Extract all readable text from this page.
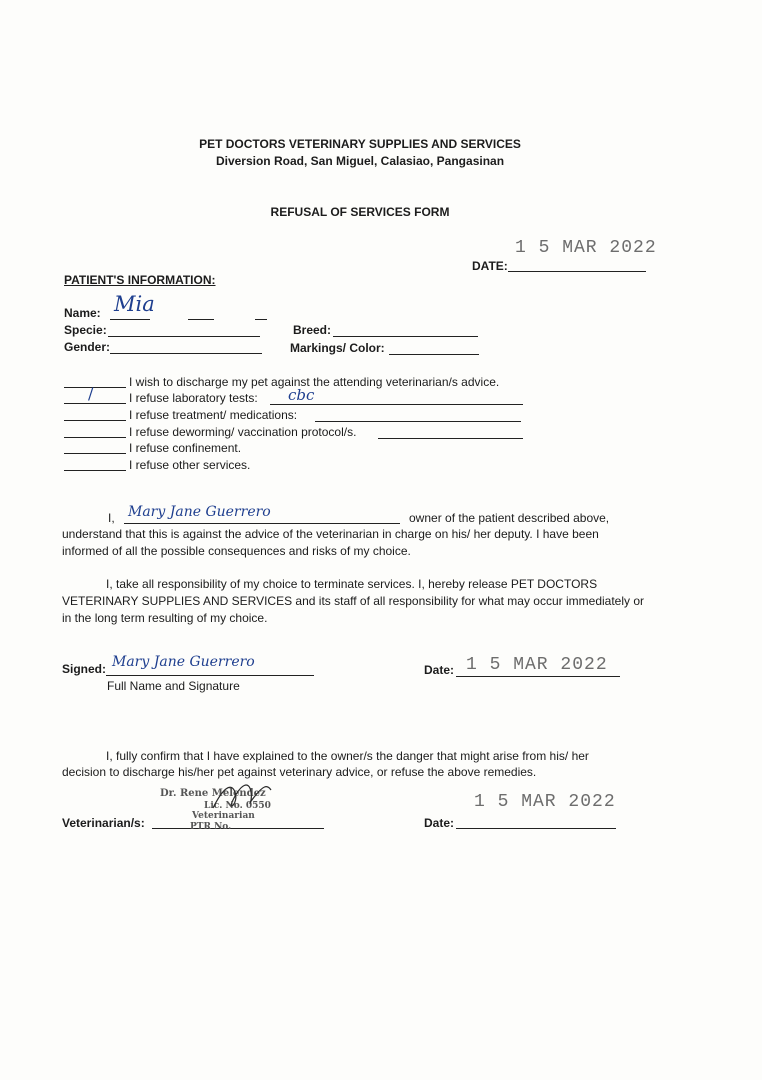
PET DOCTORS VETERINARY SUPPLIES AND SERVICES
Diversion Road, San Miguel, Calasiao, Pangasinan
REFUSAL OF SERVICES FORM
1 5 MAR 2022
DATE:
PATIENT'S INFORMATION:
Name: Mia
Specie:	Breed:
Gender:	Markings/ Color:
I wish to discharge my pet against the attending veterinarian/s advice.
/	I refuse laboratory tests: cbc
I refuse treatment/ medications:
I refuse deworming/ vaccination protocol/s.
I refuse confinement.
I refuse other services.
I, Mary Jane Guerrero	owner of the patient described above,
understand that this is against the advice of the veterinarian in charge on his/ her deputy. I have been
informed of all the possible consequences and risks of my choice.
I, take all responsibility of my choice to terminate services. I, hereby release PET DOCTORS
VETERINARY SUPPLIES AND SERVICES and its staff of all responsibility for what may occur immediately or
in the long term resulting of my choice.
Signed: Mary Jane Guerrero
Full Name and Signature
Date: 1 5 MAR 2022
I, fully confirm that I have explained to the owner/s the danger that might arise from his/ her
decision to discharge his/her pet against veterinary advice, or refuse the above remedies.
Veterinarian/s:
Dr. Rene Melendez
Lic. No. 0550
Veterinarian
PTR No.	Date:
1 5 MAR 2022
